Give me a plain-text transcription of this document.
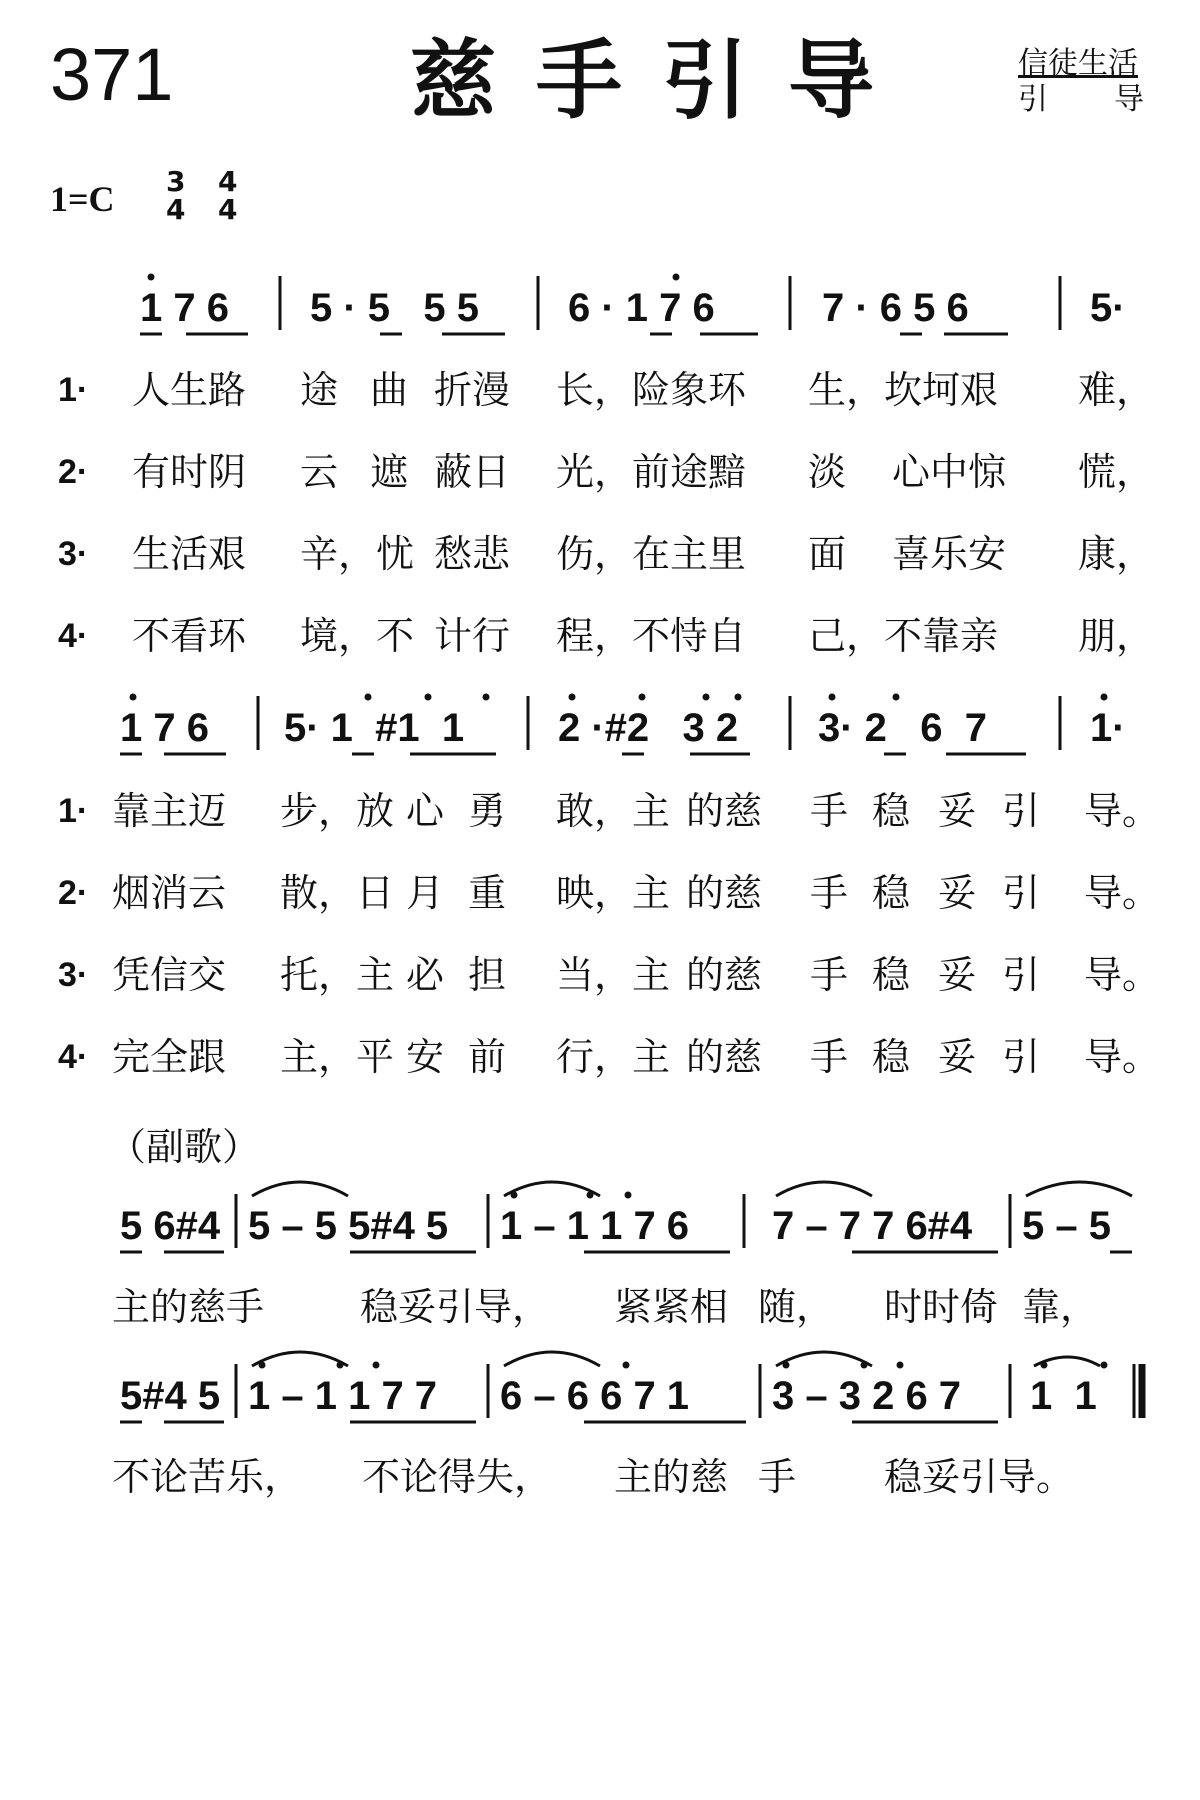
371	慈手引导	信徒生活
引 导
1=C 3
4
4
4
1 7 6 5 · 5   5 5 6 · 1 7 6	7 · 6 5 6	5·
1· 人生路 途 曲 折漫 长，险象环 生，坎坷艰 难，
2· 有时阴 云 遮 蔽日 光，前途黯 淡 心中惊 慌，
3· 生活艰 辛，忧 愁悲 伤，在主里 面 喜乐安 康，
4· 不看环 境，不 计行 程，不恃自 己，不靠亲 朋，
1 7 6 5· 1  #1  1 2 ·#2   3 2 3· 2   6  7	1·
1· 靠主迈 步，放 心 勇 敢，主 的慈 手 稳 妥 引 导。
2· 烟消云 散，日 月 重 映，主 的慈 手 稳 妥 引 导。
3· 凭信交 托，主 必 担 当，主 的慈 手 稳 妥 引 导。
4· 完全跟 主，平 安 前 行，主 的慈 手 稳 妥 引 导。
（副歌）
5 6#4 5 – 5 5#4 5 1 – 1 1 7 6 7 – 7 7 6#4 5 – 5
主的慈手	稳妥引导， 紧紧相 随， 时时倚 靠，
5#4 5 1 – 1 1 7 7 6 – 6 6 7 1 3 – 3 2 6 7 1  1
不论苦乐， 不论得失， 主的慈 手 稳妥引导。
